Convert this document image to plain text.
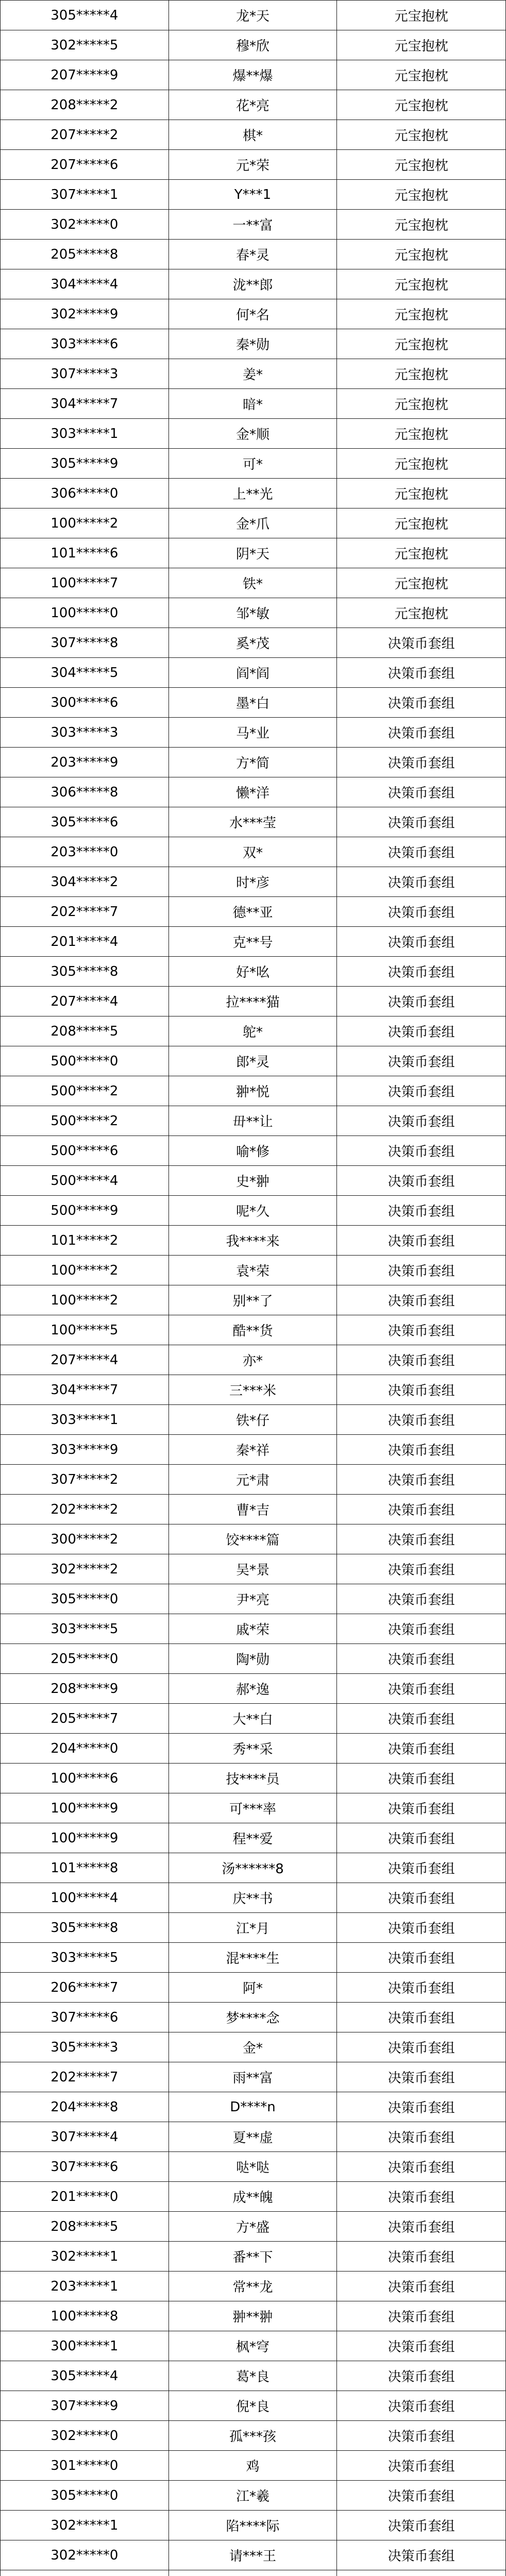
305*****4	龙*天	元宝抱枕
302*****5	穆*欣	元宝抱枕
207*****9	爆**爆	元宝抱枕
208*****2	花*亮	元宝抱枕
207*****2	棋*	元宝抱枕
207*****6	元*荣	元宝抱枕
307*****1	Y***1	元宝抱枕
302*****0	一**富	元宝抱枕
205*****8	春*灵	元宝抱枕
304*****4	泷**郎	元宝抱枕
302*****9	何*名	元宝抱枕
303*****6	秦*勋	元宝抱枕
307*****3	姜*	元宝抱枕
304*****7	暗*	元宝抱枕
303*****1	金*顺	元宝抱枕
305*****9	可*	元宝抱枕
306*****0	上**光	元宝抱枕
100*****2	金*爪	元宝抱枕
101*****6	阴*天	元宝抱枕
100*****7	铁*	元宝抱枕
100*****0	邹*敏	元宝抱枕
307*****8	奚*茂	决策币套组
304*****5	阎*阎	决策币套组
300*****6	墨*白	决策币套组
303*****3	马*业	决策币套组
203*****9	方*简	决策币套组
306*****8	懒*洋	决策币套组
305*****6	水***莹	决策币套组
203*****0	双*	决策币套组
304*****2	时*彦	决策币套组
202*****7	德**亚	决策币套组
201*****4	克**号	决策币套组
305*****8	好*吆	决策币套组
207*****4	拉****猫	决策币套组
208*****5	鸵*	决策币套组
500*****0	郎*灵	决策币套组
500*****2	翀*悦	决策币套组
500*****2	毌**让	决策币套组
500*****6	喻*修	决策币套组
500*****4	史*翀	决策币套组
500*****9	呢*久	决策币套组
101*****2	我****来	决策币套组
100*****2	袁*荣	决策币套组
100*****2	别**了	决策币套组
100*****5	酷**货	决策币套组
207*****4	亦*	决策币套组
304*****7	三***米	决策币套组
303*****1	铁*仔	决策币套组
303*****9	秦*祥	决策币套组
307*****2	元*肃	决策币套组
202*****2	曹*吉	决策币套组
300*****2	饺****篇	决策币套组
302*****2	吴*景	决策币套组
305*****0	尹*亮	决策币套组
303*****5	戚*荣	决策币套组
205*****0	陶*勋	决策币套组
208*****9	郝*逸	决策币套组
205*****7	大**白	决策币套组
204*****0	秀**采	决策币套组
100*****6	技****员	决策币套组
100*****9	可***率	决策币套组
100*****9	程**爱	决策币套组
101*****8	汤******8	决策币套组
100*****4	庆**书	决策币套组
305*****8	江*月	决策币套组
303*****5	混****生	决策币套组
206*****7	阿*	决策币套组
307*****6	梦****念	决策币套组
305*****3	金*	决策币套组
202*****7	雨**富	决策币套组
204*****8	D****n	决策币套组
307*****4	夏**虚	决策币套组
307*****6	哒*哒	决策币套组
201*****0	成**魄	决策币套组
208*****5	方*盛	决策币套组
302*****1	番**下	决策币套组
203*****1	常**龙	决策币套组
100*****8	翀**翀	决策币套组
300*****1	枫*穹	决策币套组
305*****4	葛*良	决策币套组
307*****9	倪*良	决策币套组
302*****0	孤***孩	决策币套组
301*****0	鸡	决策币套组
305*****0	江*羲	决策币套组
302*****1	陷****际	决策币套组
302*****0	请***王	决策币套组
